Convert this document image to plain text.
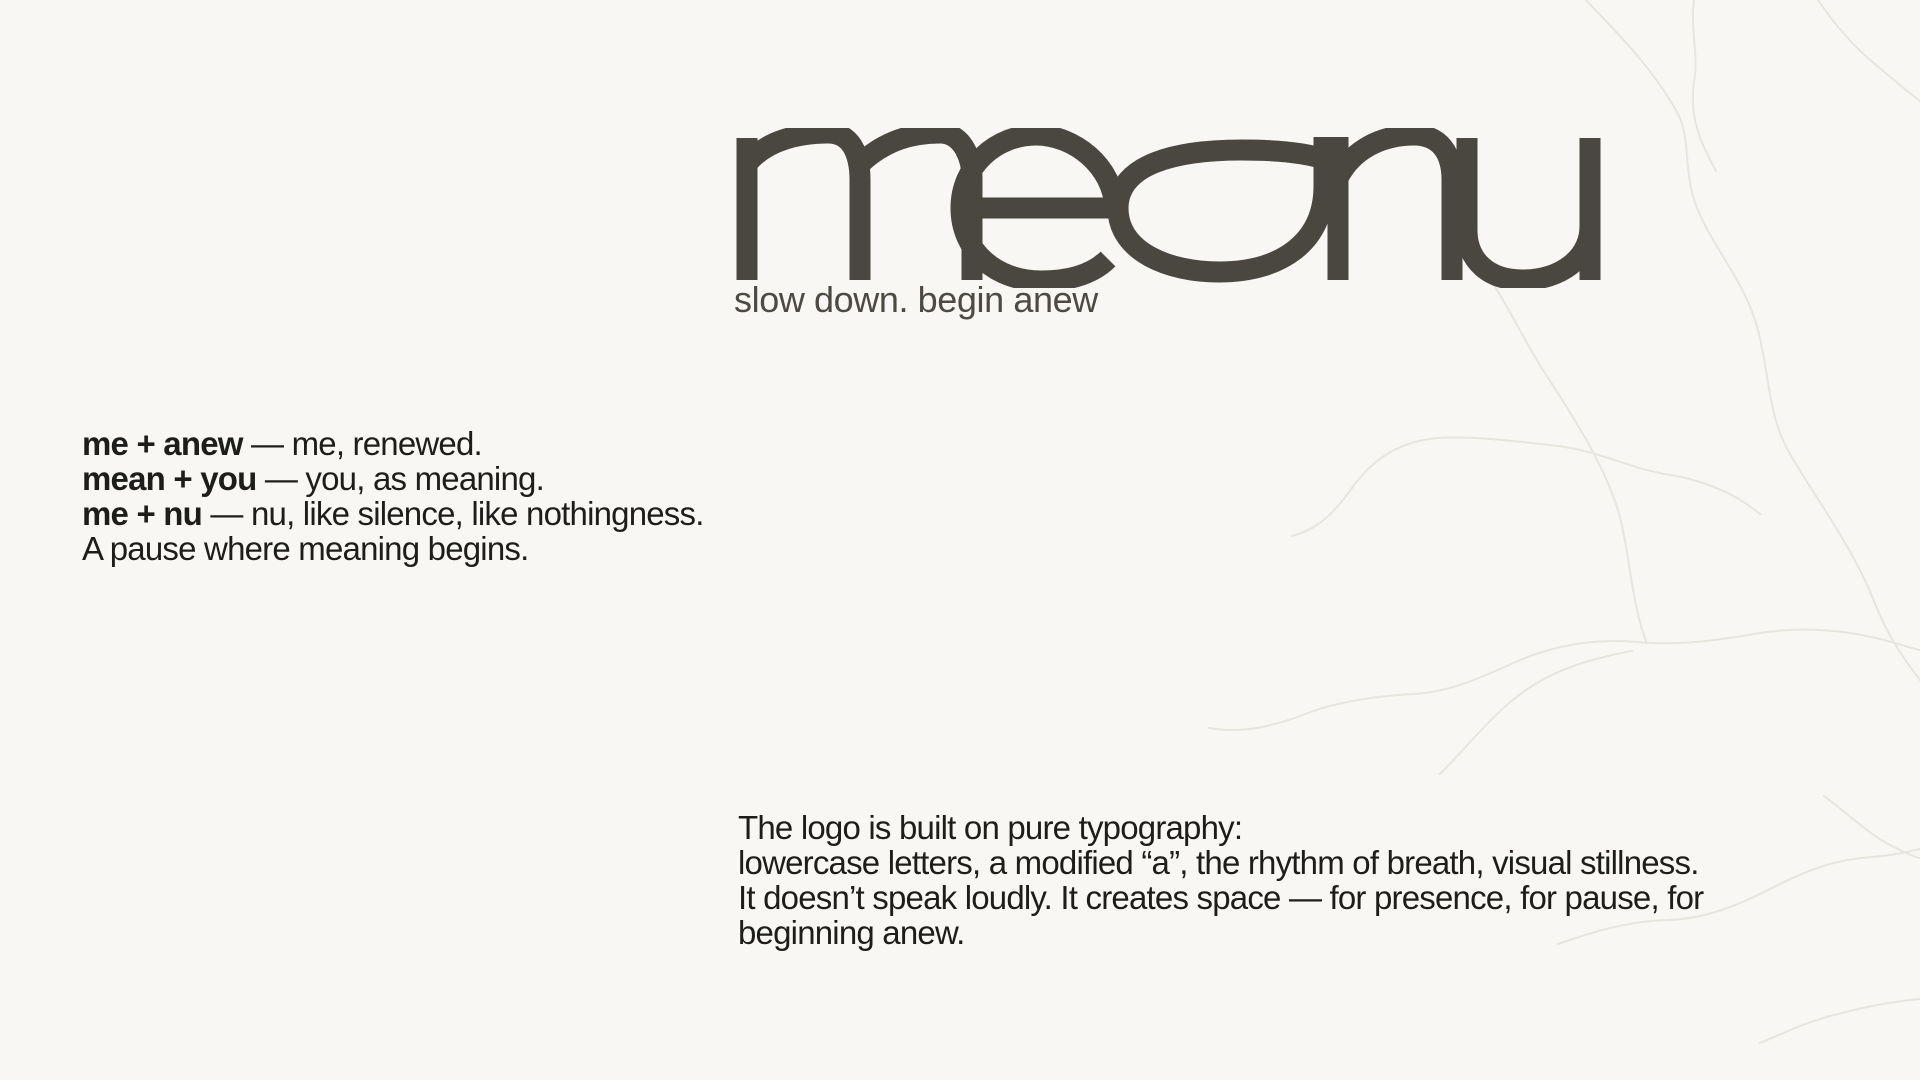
slow down. begin anew

me + anew — me, renewed.
mean + you — you, as meaning.
me + nu — nu, like silence, like nothingness.
A pause where meaning begins.
The logo is built on pure typography:
lowercase letters, a modified “a”, the rhythm of breath, visual stillness.
It doesn’t speak loudly. It creates space — for presence, for pause, for
beginning anew.
